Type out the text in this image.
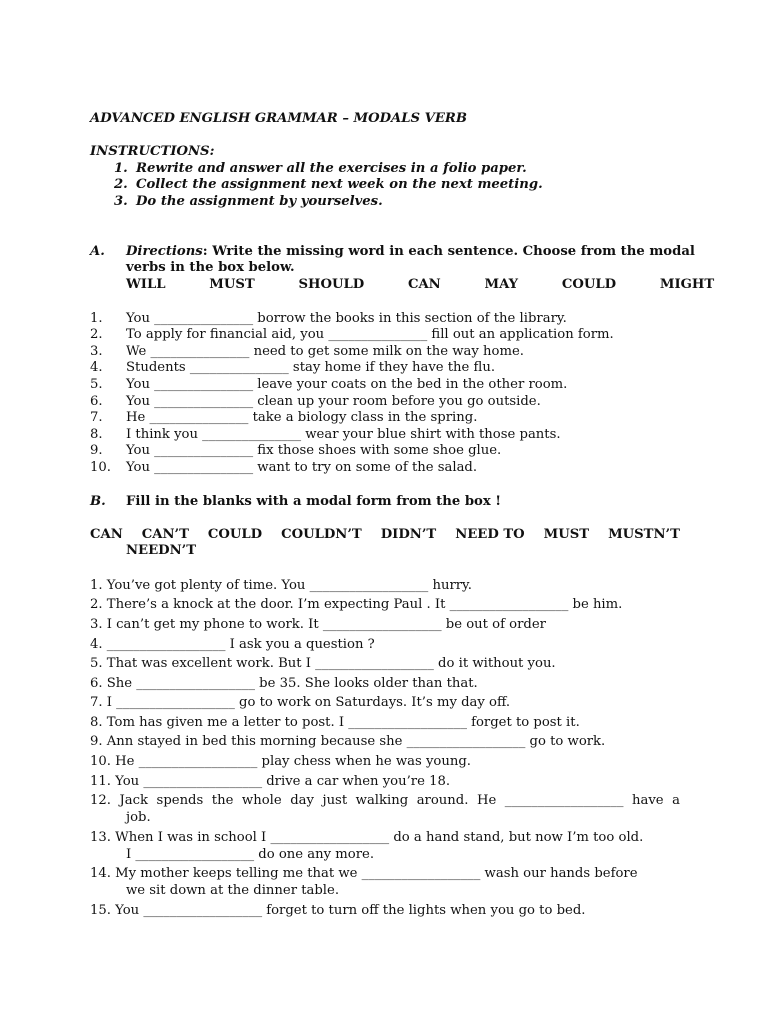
ADVANCED ENGLISH GRAMMAR – MODALS VERB
INSTRUCTIONS:
1. Rewrite and answer all the exercises in a folio paper.
2. Collect the assignment next week on the next meeting.
3. Do the assignment by yourselves.
A.	Directions: Write the missing word in each sentence. Choose from the modal verbs in the box below.
WILL   MUST   SHOULD   CAN   MAY   COULD   MIGHT
1.	You _______________ borrow the books in this section of the library.
2.	To apply for financial aid, you _______________ fill out an application form.
3.	We _______________ need to get some milk on the way home.
4.	Students _______________ stay home if they have the flu.
5.	You _______________ leave your coats on the bed in the other room.
6.	You _______________ clean up your room before you go outside.
7.	He _______________ take a biology class in the spring.
8.	I think you _______________ wear your blue shirt with those pants.
9.	You _______________ fix those shoes with some shoe glue.
10.	You _______________ want to try on some of the salad.
B.	Fill in the blanks with a modal form from the box !
CAN CAN’T COULD COULDN’T DIDN’T NEED TO MUST MUSTN’T
NEEDN’T
1. You’ve got plenty of time. You __________________ hurry.
2. There’s a knock at the door. I’m expecting Paul . It __________________ be him.
3. I can’t get my phone to work. It __________________ be out of order
4. __________________ I ask you a question ?
5. That was excellent work. But I __________________ do it without you.
6. She __________________ be 35. She looks older than that.
7. I __________________ go to work on Saturdays. It’s my day off.
8. Tom has given me a letter to post. I __________________ forget to post it.
9. Ann stayed in bed this morning because she __________________ go to work.
10. He __________________ play chess when he was young.
11. You __________________ drive a car when you’re 18.
12. Jack spends the whole day just walking around. He __________________ have a
job.
13. When I was in school I __________________ do a hand stand, but now I’m too old.
I __________________ do one any more.
14. My mother keeps telling me that we __________________ wash our hands before
we sit down at the dinner table.
15. You __________________ forget to turn off the lights when you go to bed.
